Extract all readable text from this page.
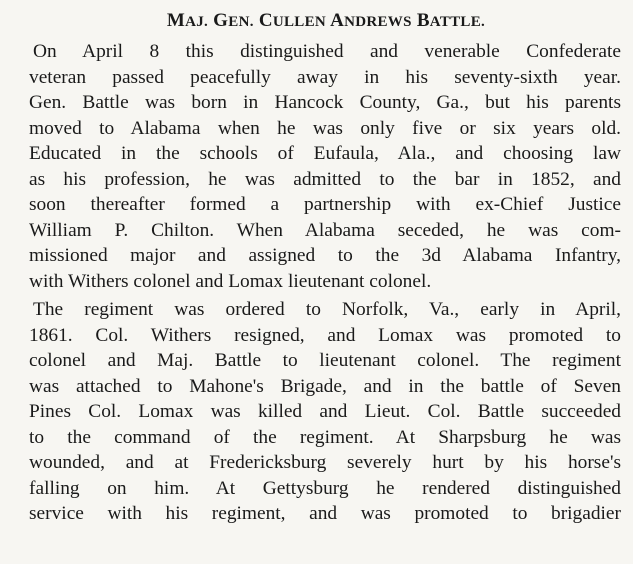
MAJ. GEN. CULLEN ANDREWS BATTLE.
On April 8 this distinguished and venerable Confederate
veteran passed peacefully away in his seventy-sixth year.
Gen. Battle was born in Hancock County, Ga., but his parents
moved to Alabama when he was only five or six years old.
Educated in the schools of Eufaula, Ala., and choosing law
as his profession, he was admitted to the bar in 1852, and
soon thereafter formed a partnership with ex-Chief Justice
William P. Chilton. When Alabama seceded, he was com-
missioned major and assigned to the 3d Alabama Infantry,
with Withers colonel and Lomax lieutenant colonel.
The regiment was ordered to Norfolk, Va., early in April,
1861. Col. Withers resigned, and Lomax was promoted to
colonel and Maj. Battle to lieutenant colonel. The regiment
was attached to Mahone's Brigade, and in the battle of Seven
Pines Col. Lomax was killed and Lieut. Col. Battle succeeded
to the command of the regiment. At Sharpsburg he was
wounded, and at Fredericksburg severely hurt by his horse's
falling on him. At Gettysburg he rendered distinguished
service with his regiment, and was promoted to brigadier
